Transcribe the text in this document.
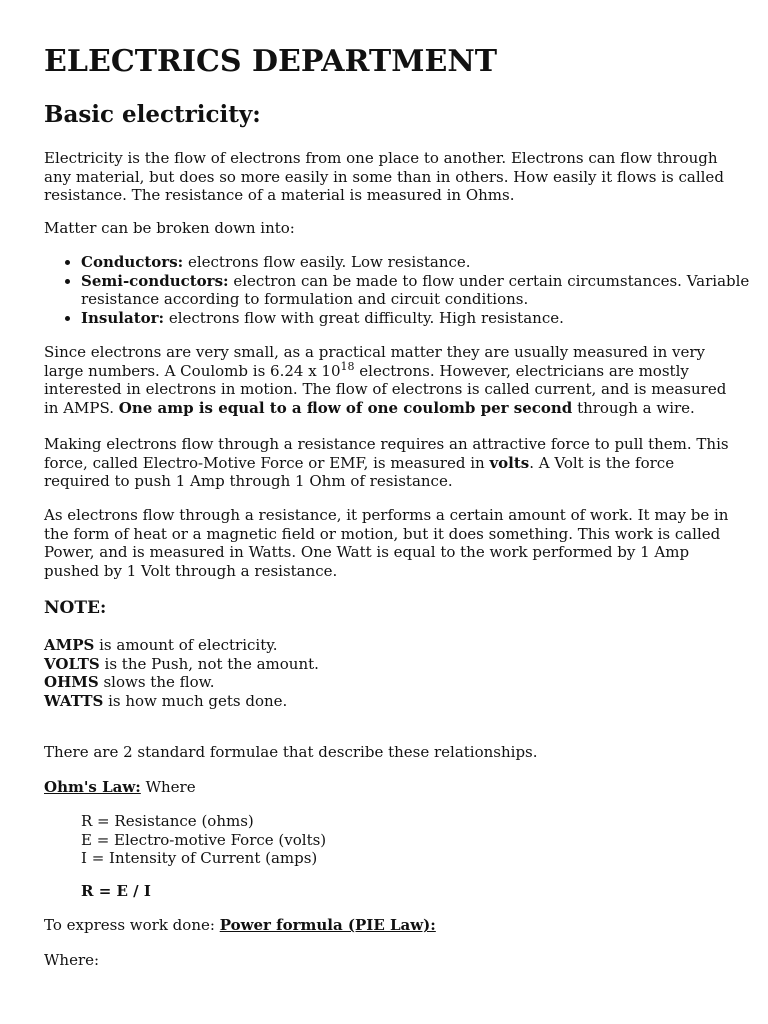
ELECTRICS DEPARTMENT
Basic electricity:

Electricity is the flow of electrons from one place to another. Electrons can flow through any material, but does so more easily in some than in others. How easily it flows is called resistance. The resistance of a material is measured in Ohms.

Matter can be broken down into:

• Conductors: electrons flow easily. Low resistance.
• Semi-conductors: electron can be made to flow under certain circumstances. Variable resistance according to formulation and circuit conditions.
• Insulator: electrons flow with great difficulty. High resistance.

Since electrons are very small, as a practical matter they are usually measured in very large numbers. A Coulomb is 6.24 x $10^{18}$ electrons. However, electricians are mostly interested in electrons in motion. The flow of electrons is called current, and is measured in AMPS. One amp is equal to a flow of one coulomb per second through a wire.

Making electrons flow through a resistance requires an attractive force to pull them. This force, called Electro-Motive Force or EMF, is measured in volts. A Volt is the force required to push 1 Amp through 1 Ohm of resistance.

As electrons flow through a resistance, it performs a certain amount of work. It may be in the form of heat or a magnetic field or motion, but it does something. This work is called Power, and is measured in Watts. One Watt is equal to the work performed by 1 Amp pushed by 1 Volt through a resistance.

NOTE:
AMPS is amount of electricity.
VOLTS is the Push, not the amount.
OHMS slows the flow.
WATTS is how much gets done.

There are 2 standard formulae that describe these relationships.

Ohm's Law: Where

R = Resistance (ohms)
E = Electro-motive Force (volts)
I = Intensity of Current (amps)
R = E / I

To express work done: Power formula (PIE Law):

Where:
